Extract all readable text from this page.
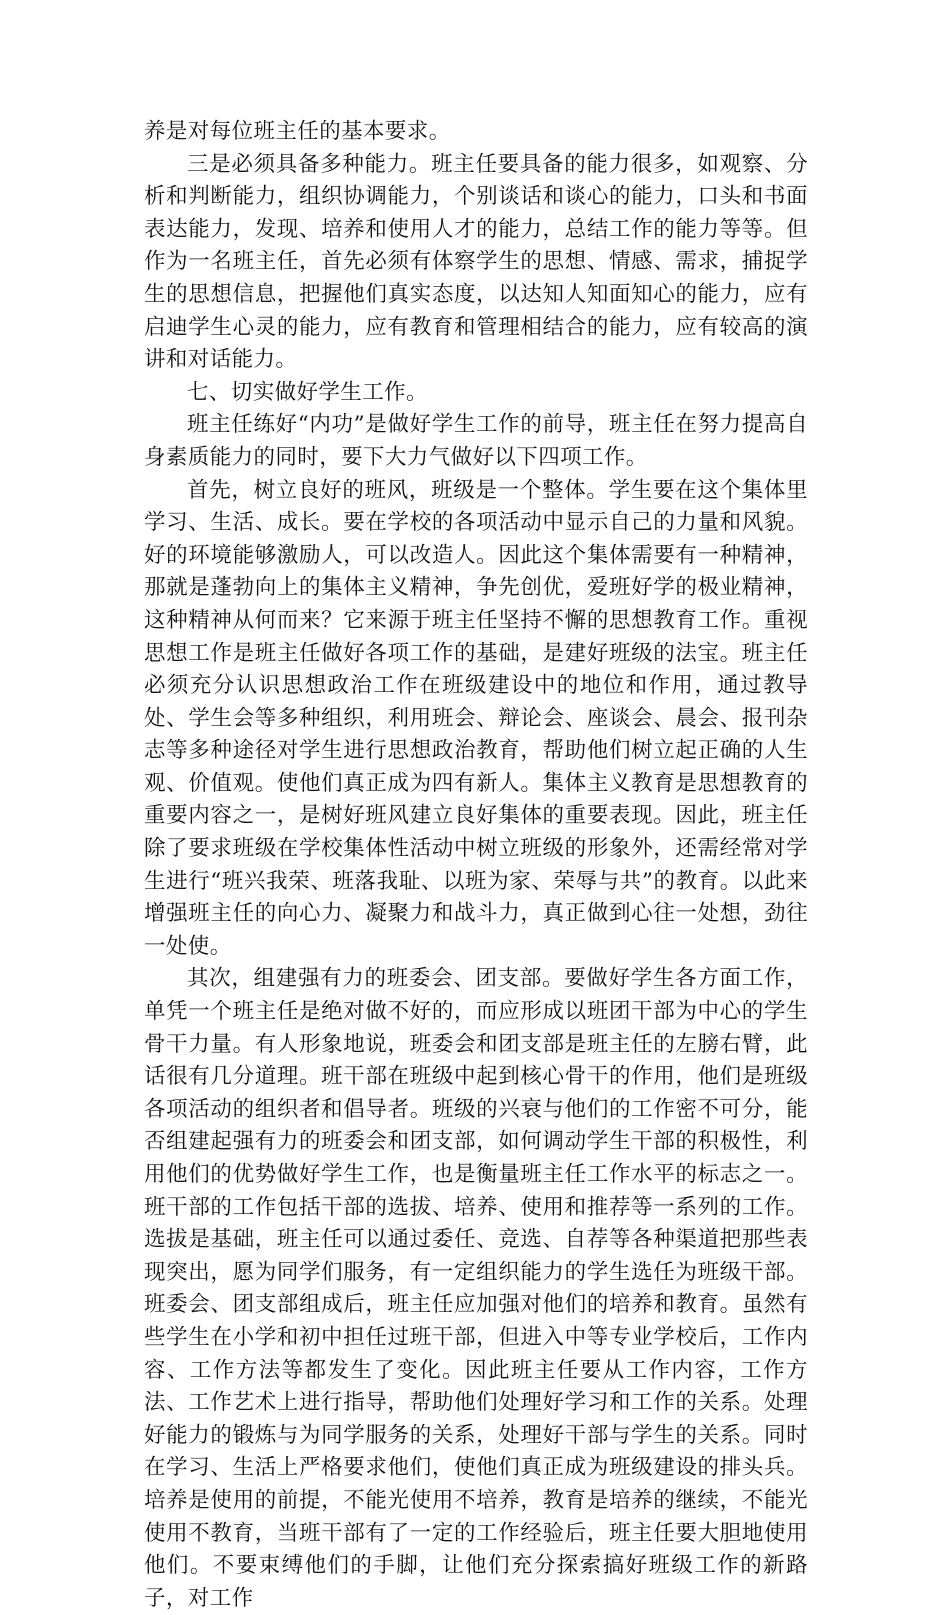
养是对每位班主任的基本要求。

三是必须具备多种能力。班主任要具备的能力很多，如观察、分析和判断能力，组织协调能力，个别谈话和谈心的能力，口头和书面表达能力，发现、培养和使用人才的能力，总结工作的能力等等。但作为一名班主任，首先必须有体察学生的思想、情感、需求，捕捉学生的思想信息，把握他们真实态度，以达知人知面知心的能力，应有启迪学生心灵的能力，应有教育和管理相结合的能力，应有较高的演讲和对话能力。

七、切实做好学生工作。

班主任练好“内功”是做好学生工作的前导，班主任在努力提高自身素质能力的同时，要下大力气做好以下四项工作。

首先，树立良好的班风，班级是一个整体。学生要在这个集体里学习、生活、成长。要在学校的各项活动中显示自己的力量和风貌。好的环境能够激励人，可以改造人。因此这个集体需要有一种精神，那就是蓬勃向上的集体主义精神，争先创优，爱班好学的极业精神，这种精神从何而来？它来源于班主任坚持不懈的思想教育工作。重视思想工作是班主任做好各项工作的基础，是建好班级的法宝。班主任必须充分认识思想政治工作在班级建设中的地位和作用，通过教导处、学生会等多种组织，利用班会、辩论会、座谈会、晨会、报刊杂志等多种途径对学生进行思想政治教育，帮助他们树立起正确的人生观、价值观。使他们真正成为四有新人。集体主义教育是思想教育的重要内容之一，是树好班风建立良好集体的重要表现。因此，班主任除了要求班级在学校集体性活动中树立班级的形象外，还需经常对学生进行“班兴我荣、班落我耻、以班为家、荣辱与共”的教育。以此来增强班主任的向心力、凝聚力和战斗力，真正做到心往一处想，劲往一处使。

其次，组建强有力的班委会、团支部。要做好学生各方面工作，单凭一个班主任是绝对做不好的，而应形成以班团干部为中心的学生骨干力量。有人形象地说，班委会和团支部是班主任的左膀右臂，此话很有几分道理。班干部在班级中起到核心骨干的作用，他们是班级各项活动的组织者和倡导者。班级的兴衰与他们的工作密不可分，能否组建起强有力的班委会和团支部，如何调动学生干部的积极性，利用他们的优势做好学生工作，也是衡量班主任工作水平的标志之一。班干部的工作包括干部的选拔、培养、使用和推荐等一系列的工作。选拔是基础，班主任可以通过委任、竞选、自荐等各种渠道把那些表现突出，愿为同学们服务，有一定组织能力的学生选任为班级干部。班委会、团支部组成后，班主任应加强对他们的培养和教育。虽然有些学生在小学和初中担任过班干部，但进入中等专业学校后，工作内容、工作方法等都发生了变化。因此班主任要从工作内容，工作方法、工作艺术上进行指导，帮助他们处理好学习和工作的关系。处理好能力的锻炼与为同学服务的关系，处理好干部与学生的关系。同时在学习、生活上严格要求他们，使他们真正成为班级建设的排头兵。培养是使用的前提，不能光使用不培养，教育是培养的继续，不能光使用不教育，当班干部有了一定的工作经验后，班主任要大胆地使用他们。不要束缚他们的手脚，让他们充分探索搞好班级工作的新路子，对工作
